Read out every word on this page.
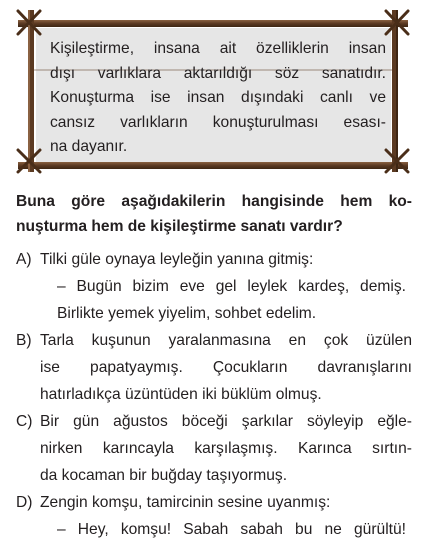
Kişileştirme, insana ait özelliklerin insan
dışı varlıklara aktarıldığı söz sanatıdır.
Konuşturma ise insan dışındaki canlı ve
cansız varlıkların konuşturulması esası-
na dayanır.
Buna göre aşağıdakilerin hangisinde hem ko-
nuşturma hem de kişileştirme sanatı vardır?
A) Tilki güle oynaya leyleğin yanına gitmiş:
– Bugün bizim eve gel leylek kardeş, demiş.
Birlikte yemek yiyelim, sohbet edelim.
B) Tarla kuşunun yaralanmasına en çok üzülen
ise papatyaymış. Çocukların davranışlarını
hatırladıkça üzüntüden iki büklüm olmuş.
C) Bir gün ağustos böceği şarkılar söyleyip eğle-
nirken karıncayla karşılaşmış. Karınca sırtın-
da kocaman bir buğday taşıyormuş.
D) Zengin komşu, tamircinin sesine uyanmış:
– Hey, komşu! Sabah sabah bu ne gürültü!
